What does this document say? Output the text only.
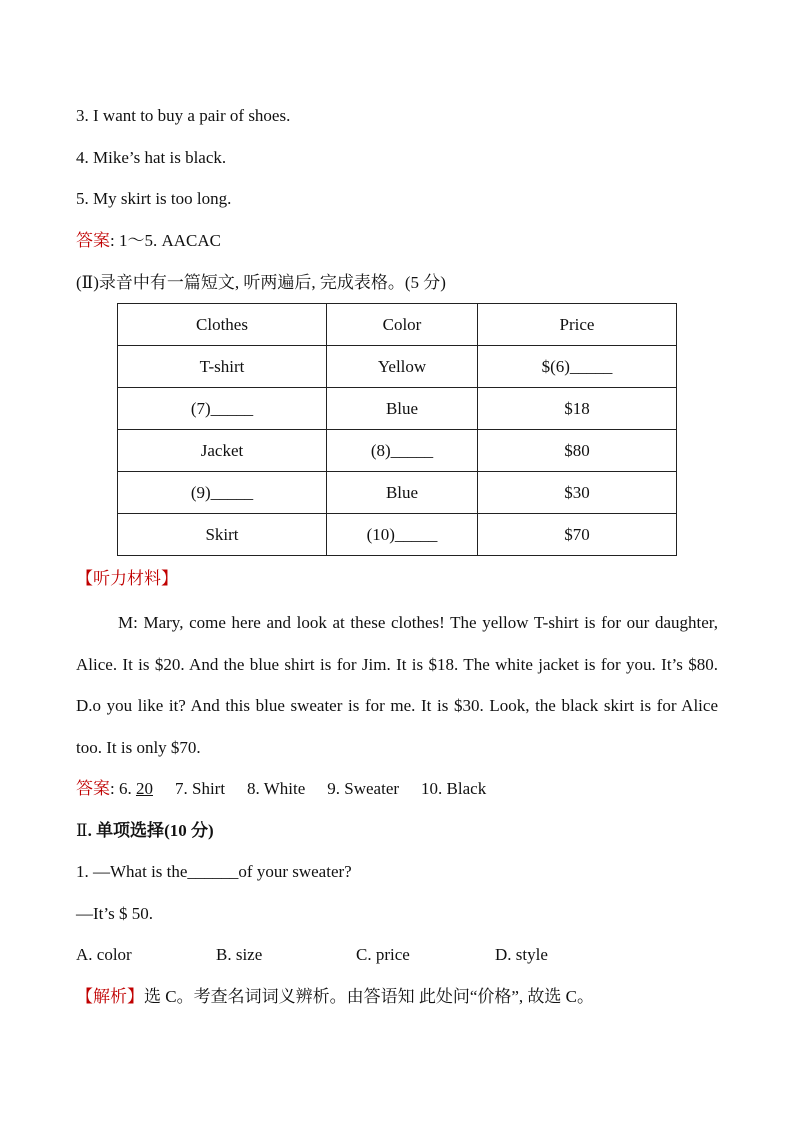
3. I want to buy a pair of shoes.
4. Mike’s hat is black.
5. My skirt is too long.
答案: 1～5. AACAC
(Ⅱ)录音中有一篇短文, 听两遍后, 完成表格。(5 分)
Clothes	Color	Price
T-shirt	Yellow	$(6)_____
(7)_____	Blue	$18
Jacket	(8)_____	$80
(9)_____	Blue	$30
Skirt	(10)_____	$70
【听力材料】
M: Mary, come here and look at these clothes! The yellow T-shirt is for our daughter, Alice. It is $20. And the blue shirt is for Jim. It is $18. The white jacket is for you. It’s $80. D.o you like it? And this blue sweater is for me. It is $30. Look, the black skirt is for Alice too. It is only $70.
答案: 6. 20 7. Shirt 8. White 9. Sweater 10. Black
Ⅱ. 单项选择(10 分)
1. —What is the______of your sweater?
—It’s $ 50.
A. color	B. size	C. price	D. style
【解析】选 C。考查名词词义辨析。由答语知 此处问“价格”, 故选 C。
